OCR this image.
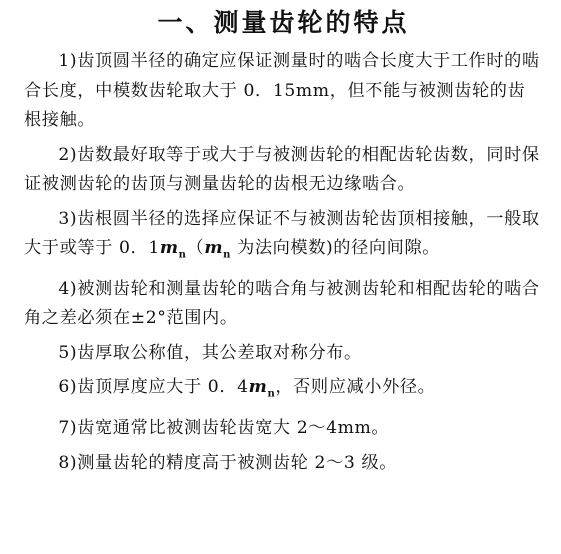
一、测量齿轮的特点

1)齿顶圆半径的确定应保证测量时的啮合长度大于工作时的啮合长度，中模数齿轮取大于 0．15mm，但不能与被测齿轮的齿根接触。

2)齿数最好取等于或大于与被测齿轮的相配齿轮齿数，同时保证被测齿轮的齿顶与测量齿轮的齿根无边缘啮合。

3)齿根圆半径的选择应保证不与被测齿轮齿顶相接触，一般取大于或等于 0．$1m_n(m_n$ 为法向模数)的径向间隙。

4)被测齿轮和测量齿轮的啮合角与被测齿轮和相配齿轮的啮合角之差必须在±2°范围内。

5)齿厚取公称值，其公差取对称分布。

6)齿顶厚度应大于 0．$4m_n$，否则应减小外径。

7)齿宽通常比被测齿轮齿宽大 2～4mm。

8)测量齿轮的精度高于被测齿轮 2～3 级。
